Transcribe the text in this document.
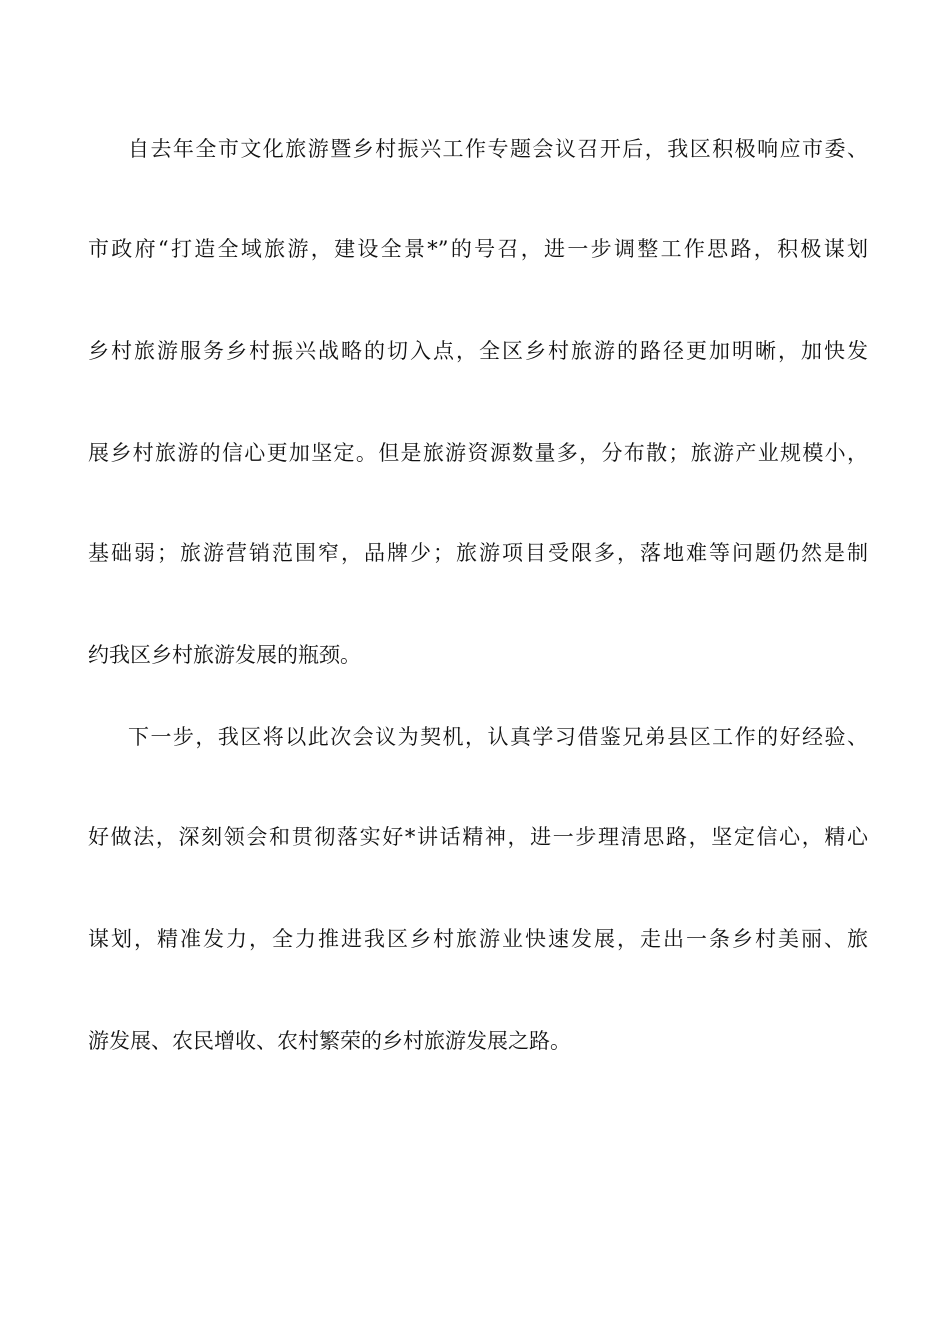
自去年全市文化旅游暨乡村振兴工作专题会议召开后，我区积极响应市委、
市政府“打造全域旅游，建设全景*”的号召，进一步调整工作思路，积极谋划
乡村旅游服务乡村振兴战略的切入点，全区乡村旅游的路径更加明晰，加快发
展乡村旅游的信心更加坚定。但是旅游资源数量多，分布散；旅游产业规模小，
基础弱；旅游营销范围窄，品牌少；旅游项目受限多，落地难等问题仍然是制
约我区乡村旅游发展的瓶颈。
下一步，我区将以此次会议为契机，认真学习借鉴兄弟县区工作的好经验、
好做法，深刻领会和贯彻落实好*讲话精神，进一步理清思路，坚定信心，精心
谋划，精准发力，全力推进我区乡村旅游业快速发展，走出一条乡村美丽、旅
游发展、农民增收、农村繁荣的乡村旅游发展之路。
